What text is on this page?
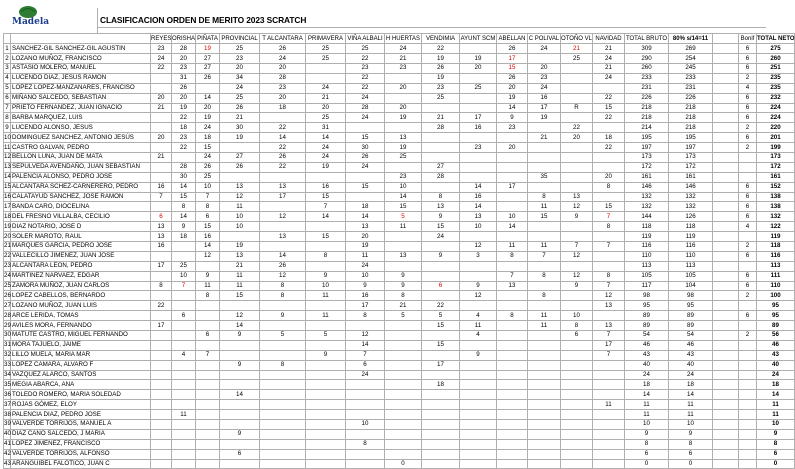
Madela	CLASIFICACION ORDEN DE MERITO 2023 SCRATCH
		REYES	ORISHA	PIÑATA	PROVINCIAL	T ALCANTARA	PRIMAVERA	VIÑA ALBALI	H HUERTAS	VENDIMIA	AYUNT SCM	ABELLAN	C POLIVAL	OTOÑO VL	NAVIDAD	TOTAL BRUTO	80% s/14=11		Bonif	TOTAL NETO
1	SANCHEZ-GIL SANCHEZ-GIL AGUSTIN	23	28	19	25	26	25	25	24	22		26	24	21	21	309	269		6	275
2	LOZANO MUÑOZ, FRANCISCO	24	20	27	23	24	25	22	21	19	19	17		25	24	290	254		6	260
3	ASTASIO MOLERO, MANUEL	22	23	27	20	20		23	23	26	20	15	20		21	260	245		6	251
4	LUCENDO DIAZ, JESUS RAMON		31	26	34	28		22		19		26	23		24	233	233		2	235
5	LOPEZ LOPEZ-MANZANARES, FRANCISO		26		24	23	24	22	20	23	25	20	24			231	231		4	235
6	MIÑANO SALCEDO, SEBASTIAN	20	20	14	25	20	21	24		25		19	16		22	226	226		6	232
7	PRIETO FERNANDEZ, JUAN IGNACIO	21	19	20	26	18	20	28	20			14	17	R	15	218	218		6	224
8	BARBA MARQUEZ, LUIS		22	19	21		25	24	19	21	17	9	19		22	218	218		6	224
9	LUCENDO ALONSO, JESUS		18	24	30	22	31			28	16	23		22		214	218		2	220
10	DOMINGUEZ SANCHEZ, ANTONIO JESÚS	20	23	18	19	14	14	15	13				21	20	18	195	195		6	201
11	CASTRO GALVAN, PEDRO		22	15		22	24	30	19		23	20			22	197	197		2	199
12	BELLON LUNA, JUAN DE MATA	21		24	27	26	24	26	25							173	173			173
13	SEPULVEDA AVENDAÑO, JUAN SEBASTIAN		28	26	26	22	19	24		27						172	172			172
14	PALENCIA ALONSO, PEDRO JOSE		30	25					23	28			35		20	161	161			161
15	ALCANTARA SCHEZ-CARNERERO, PEDRO	16	14	10	13	13	16	15	10		14	17			8	146	146		6	152
16	CALATAYUD SANCHEZ, JOSE RAMON	7	15	7	12	17	15		14	8	16		8	13		132	132		6	138
17	BANDA CARO, DIOCELINA		8	8	11		7	18	15	13	14		11	12	15	132	132		6	138
18	DEL FRESNO VILLALBA, CECILIO	6	14	6	10	12	14	14	5	9	13	10	15	9	7	144	126		6	132
19	DIAZ NOTARIO, JOSE D	13	9	15	10			13	11	15	10	14			8	118	118		4	122
20	SOLER MAROTO, RAUL	13	18	16		13	15	20		24						119	119			119
21	MARQUES GARCIA, PEDRO JOSE	16		14	19			19			12	11	11	7	7	116	116		2	118
22	VALLECILLO JIMENEZ, JUAN JOSE			12	13	14	8	11	13	9	3	8	7	12		110	110		6	116
23	ALCANTARA LEON, PEDRO	17	25		21	26		24								113	113			113
24	MARTINEZ NARVAEZ, EDGAR		10	9	11	12	9	10	9			7	8	12	8	105	105		6	111
25	ZAMORA MUÑOZ, JUAN CARLOS	8	7	11	11	8	10	9	9	6	9	13		9	7	117	104		6	110
26	LOPEZ CABELLOS, BERNARDO			8	15	8	11	16	8		12		8		12	98	98		2	100
27	LOZANO MUÑOZ, JUAN LUIS	22						17	21	22					13	95	95			95
28	ARCE LERIDA, TOMAS		6		12	9	11	8	5	5	4	8	11	10		89	89		6	95
29	AVILES MORA, FERNANDO	17			14					15	11		11	8	13	89	89			89
30	MATUTE CASTRO, MIGUEL FERNANDO			6	9	5	5	12			4			6	7	54	54		2	56
31	MORA TAJUELO, JAIME							14		15					17	46	46			46
32	LILLO MUELA, MARIA MAR		4	7			9	7			9				7	43	43			43
33	LOPEZ CAMARA, ALVARO F				9	8		6		17						40	40			40
34	VAZQUEZ ALARCO, SANTOS							24								24	24			24
35	MEGIA ABARCA, ANA									18						18	18			18
36	TOLEDO ROMERO, MARIA SOLEDAD				14											14	14			14
37	ROJAS GÓMEZ, ELOY														11	11	11			11
38	PALENCIA DIAZ, PEDRO JOSE		11													11	11			11
39	VALVERDE TORRIJOS, MANUEL A							10								10	10			10
40	DIAZ CANO SALCEDO, J MARIA				9											9	9			9
41	LOPEZ JIMENEZ, FRANCISCO							8								8	8			8
42	VALVERDE TORRIJOS, ALFONSO				6											6	6			6
43	ARANGUIBEL FALOTICO, JUAN C								0							0	0			0
